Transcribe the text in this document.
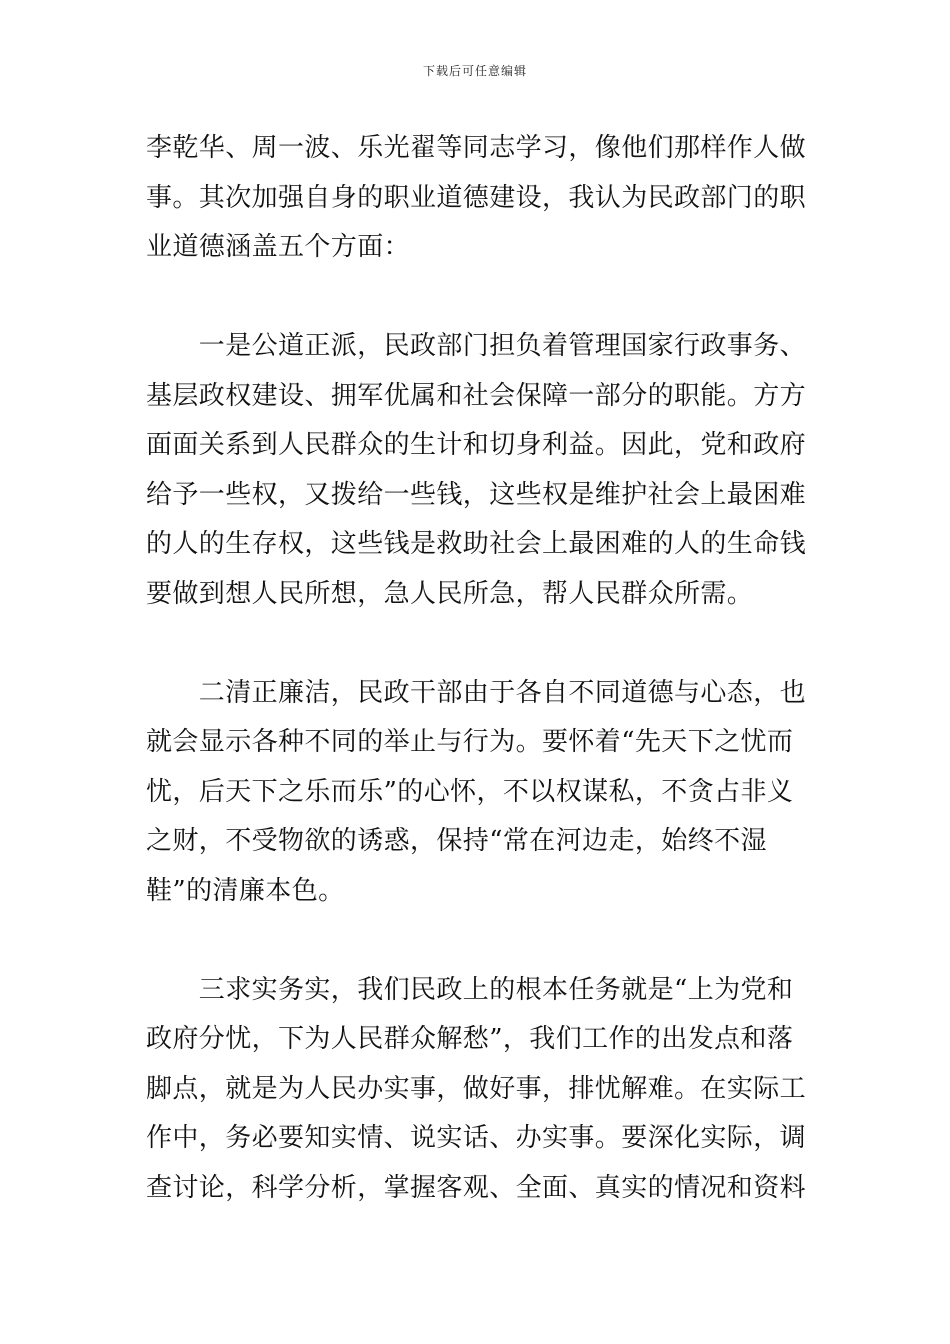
下载后可任意编辑
李乾华、周一波、乐光翟等同志学习，像他们那样作人做
事。其次加强自身的职业道德建设，我认为民政部门的职
业道德涵盖五个方面：
　　一是公道正派，民政部门担负着管理国家行政事务、
基层政权建设、拥军优属和社会保障一部分的职能。方方
面面关系到人民群众的生计和切身利益。因此，党和政府
给予一些权，又拨给一些钱，这些权是维护社会上最困难
的人的生存权，这些钱是救助社会上最困难的人的生命钱
要做到想人民所想，急人民所急，帮人民群众所需。
　　二清正廉洁，民政干部由于各自不同道德与心态，也
就会显示各种不同的举止与行为。要怀着“先天下之忧而
忧，后天下之乐而乐”的心怀，不以权谋私，不贪占非义
之财，不受物欲的诱惑，保持“常在河边走，始终不湿
鞋”的清廉本色。
　　三求实务实，我们民政上的根本任务就是“上为党和
政府分忧，下为人民群众解愁”，我们工作的出发点和落
脚点，就是为人民办实事，做好事，排忧解难。在实际工
作中，务必要知实情、说实话、办实事。要深化实际，调
查讨论，科学分析，掌握客观、全面、真实的情况和资料
